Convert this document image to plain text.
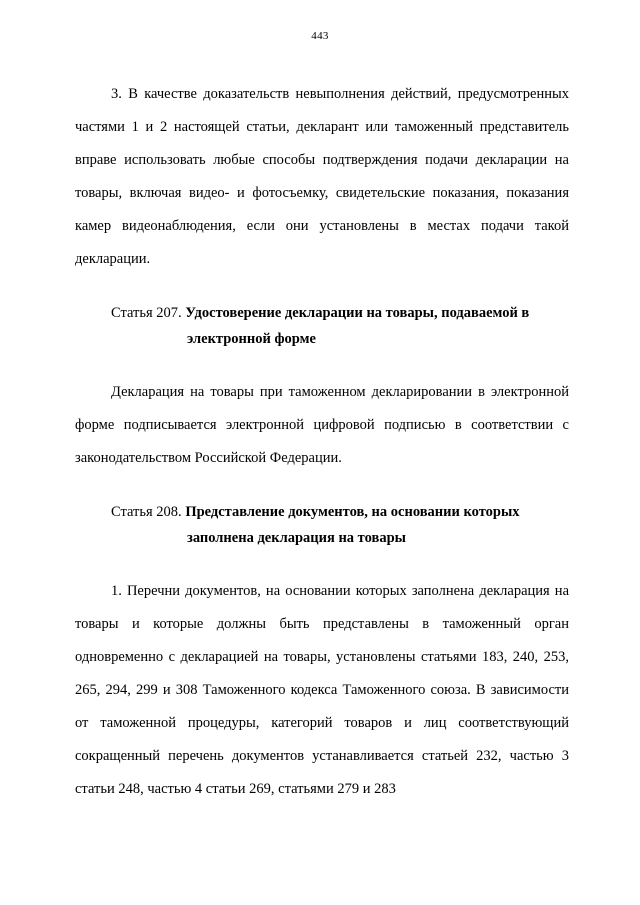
443

3. В качестве доказательств невыполнения действий, предусмотренных частями 1 и 2 настоящей статьи, декларант или таможенный представитель вправе использовать любые способы подтверждения подачи декларации на товары, включая видео- и фотосъемку, свидетельские показания, показания камер видеонаблюдения, если они установлены в местах подачи такой декларации.

Статья 207. Удостоверение декларации на товары, подаваемой в
электронной форме

Декларация на товары при таможенном декларировании в электронной форме подписывается электронной цифровой подписью в соответствии с законодательством Российской Федерации.

Статья 208. Представление документов, на основании которых
заполнена декларация на товары

1. Перечни документов, на основании которых заполнена декларация на товары и которые должны быть представлены в таможенный орган одновременно с декларацией на товары, установлены статьями 183, 240, 253, 265, 294, 299 и 308 Таможенного кодекса Таможенного союза. В зависимости от таможенной процедуры, категорий товаров и лиц соответствующий сокращенный перечень документов устанавливается статьей 232, частью 3 статьи 248, частью 4 статьи 269, статьями 279 и 283
